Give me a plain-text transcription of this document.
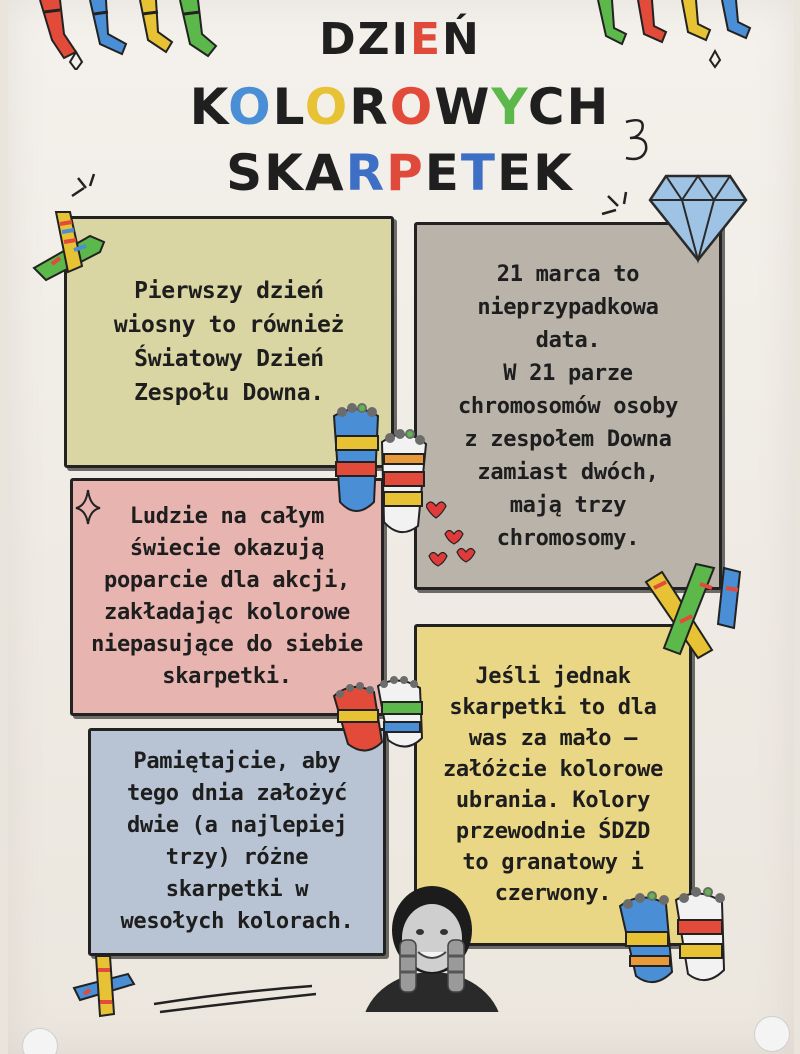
DZIEŃ
KOLOROWYCH
SKARPETEK

Pierwszy dzień
wiosny to również
Światowy Dzień
Zespołu Downa.

21 marca to
nieprzypadkowa
data.
W 21 parze
chromosomów osoby
z zespołem Downa
zamiast dwóch,
mają trzy
chromosomy.

Ludzie na całym
świecie okazują
poparcie dla akcji,
zakładając kolorowe
niepasujące do siebie
skarpetki.	Jeśli jednak
skarpetki to dla
was za mało –
załóżcie kolorowe
ubrania. Kolory
przewodnie ŚDZD
to granatowy i
czerwony.

Pamiętajcie, aby
tego dnia założyć
dwie (a najlepiej
trzy) różne
skarpetki w
wesołych kolorach.
